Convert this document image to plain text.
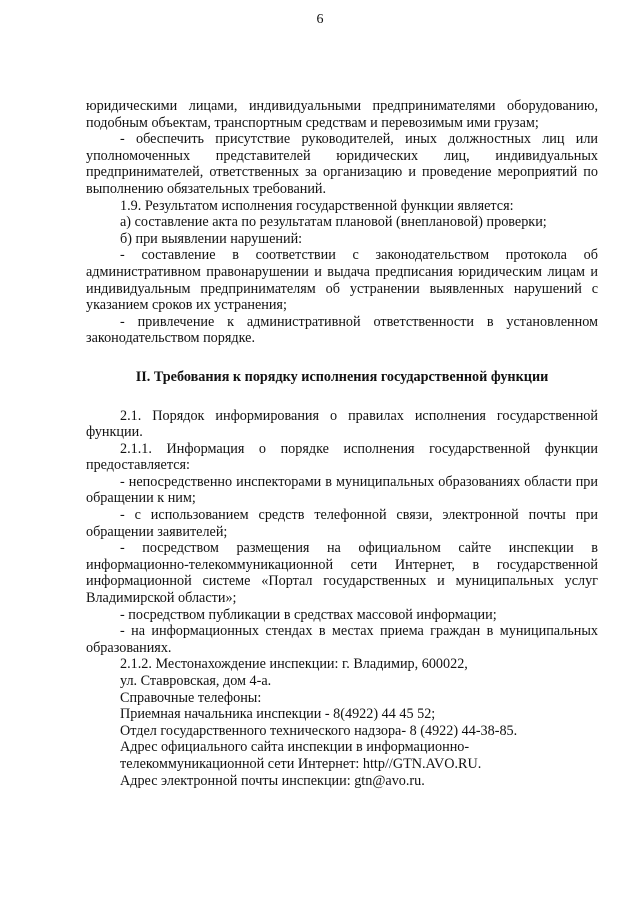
6

юридическими лицами, индивидуальными предпринимателями оборудованию, подобным объектам, транспортным средствам и перевозимым ими грузам;

- обеспечить присутствие руководителей, иных должностных лиц или уполномоченных представителей юридических лиц, индивидуальных предпринимателей, ответственных за организацию и проведение мероприятий по выполнению обязательных требований.

1.9. Результатом исполнения государственной функции является:

а) составление акта по результатам плановой (внеплановой) проверки;

б) при выявлении нарушений:

- составление в соответствии с законодательством протокола об административном правонарушении и выдача предписания юридическим лицам и индивидуальным предпринимателям об устранении выявленных нарушений с указанием сроков их устранения;

- привлечение к административной ответственности в установленном законодательством порядке.

II. Требования к порядку исполнения государственной функции

2.1. Порядок информирования о правилах исполнения государственной функции.

2.1.1. Информация о порядке исполнения государственной функции предоставляется:

- непосредственно инспекторами в муниципальных образованиях области при обращении к ним;

- с использованием средств телефонной связи, электронной почты при обращении заявителей;

- посредством размещения на официальном сайте инспекции в информационно-телекоммуникационной сети Интернет, в государственной информационной системе «Портал государственных и муниципальных услуг Владимирской области»;

- посредством публикации в средствах массовой информации;

- на информационных стендах в местах приема граждан в муниципальных образованиях.

2.1.2. Местонахождение инспекции: г. Владимир, 600022,

ул. Ставровская, дом 4-а.

Справочные телефоны:

Приемная начальника инспекции - 8(4922) 44 45 52;

Отдел государственного технического надзора- 8 (4922) 44-38-85.

Адрес официального сайта инспекции в информационно-

телекоммуникационной сети Интернет: http//GTN.AVO.RU.

Адрес электронной почты инспекции: gtn@avo.ru.
